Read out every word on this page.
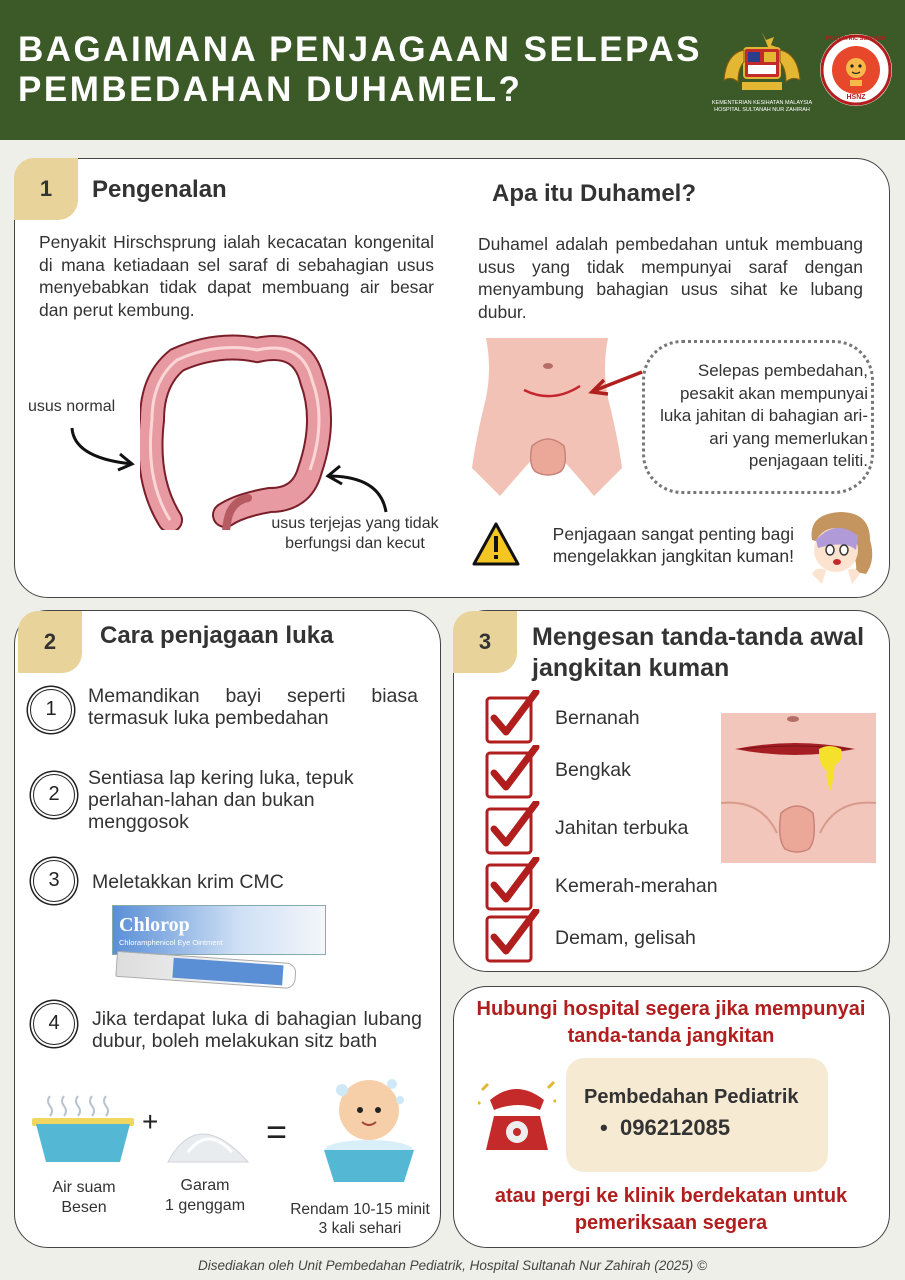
BAGAIMANA PENJAGAAN SELEPAS
PEMBEDAHAN DUHAMEL?	KEMENTERIAN KESIHATAN MALAYSIA
HOSPITAL SULTANAH NUR ZAHIRAH
PAEDIATRIC SURGERY
HSNZ
1	Pengenalan
Penyakit Hirschsprung ialah kecacatan kongenital di mana ketiadaan sel saraf di sebahagian usus menyebabkan tidak dapat membuang air besar dan perut kembung.
usus normal
usus terjejas yang tidak berfungsi dan kecut
Apa itu Duhamel?
Duhamel adalah pembedahan untuk membuang usus yang tidak mempunyai saraf dengan menyambung bahagian usus sihat ke lubang dubur.
Selepas pembedahan, pesakit akan mempunyai luka jahitan di bahagian ari-ari yang memerlukan penjagaan teliti.
Penjagaan sangat penting bagi mengelakkan jangkitan kuman!
2	Cara penjagaan luka
1
Memandikan bayi seperti biasa termasuk luka pembedahan
2
Sentiasa lap kering luka, tepuk perlahan-lahan dan bukan menggosok
3	Meletakkan krim CMC
Chlorop
Chloramphenicol Eye Ointment
4	Jika terdapat luka di bahagian lubang dubur, boleh melakukan sitz bath
+	=
Air suam
Besen
Garam
1 genggam	Rendam 10-15 minit
3 kali sehari
3	Mengesan tanda-tanda awal jangkitan kuman
Bernanah
Bengkak
Jahitan terbuka
Kemerah-merahan
Demam, gelisah
Hubungi hospital segera jika mempunyai tanda-tanda jangkitan
Pembedahan Pediatrik
• 096212085
atau pergi ke klinik berdekatan untuk pemeriksaan segera
Disediakan oleh Unit Pembedahan Pediatrik, Hospital Sultanah Nur Zahirah (2025) ©
